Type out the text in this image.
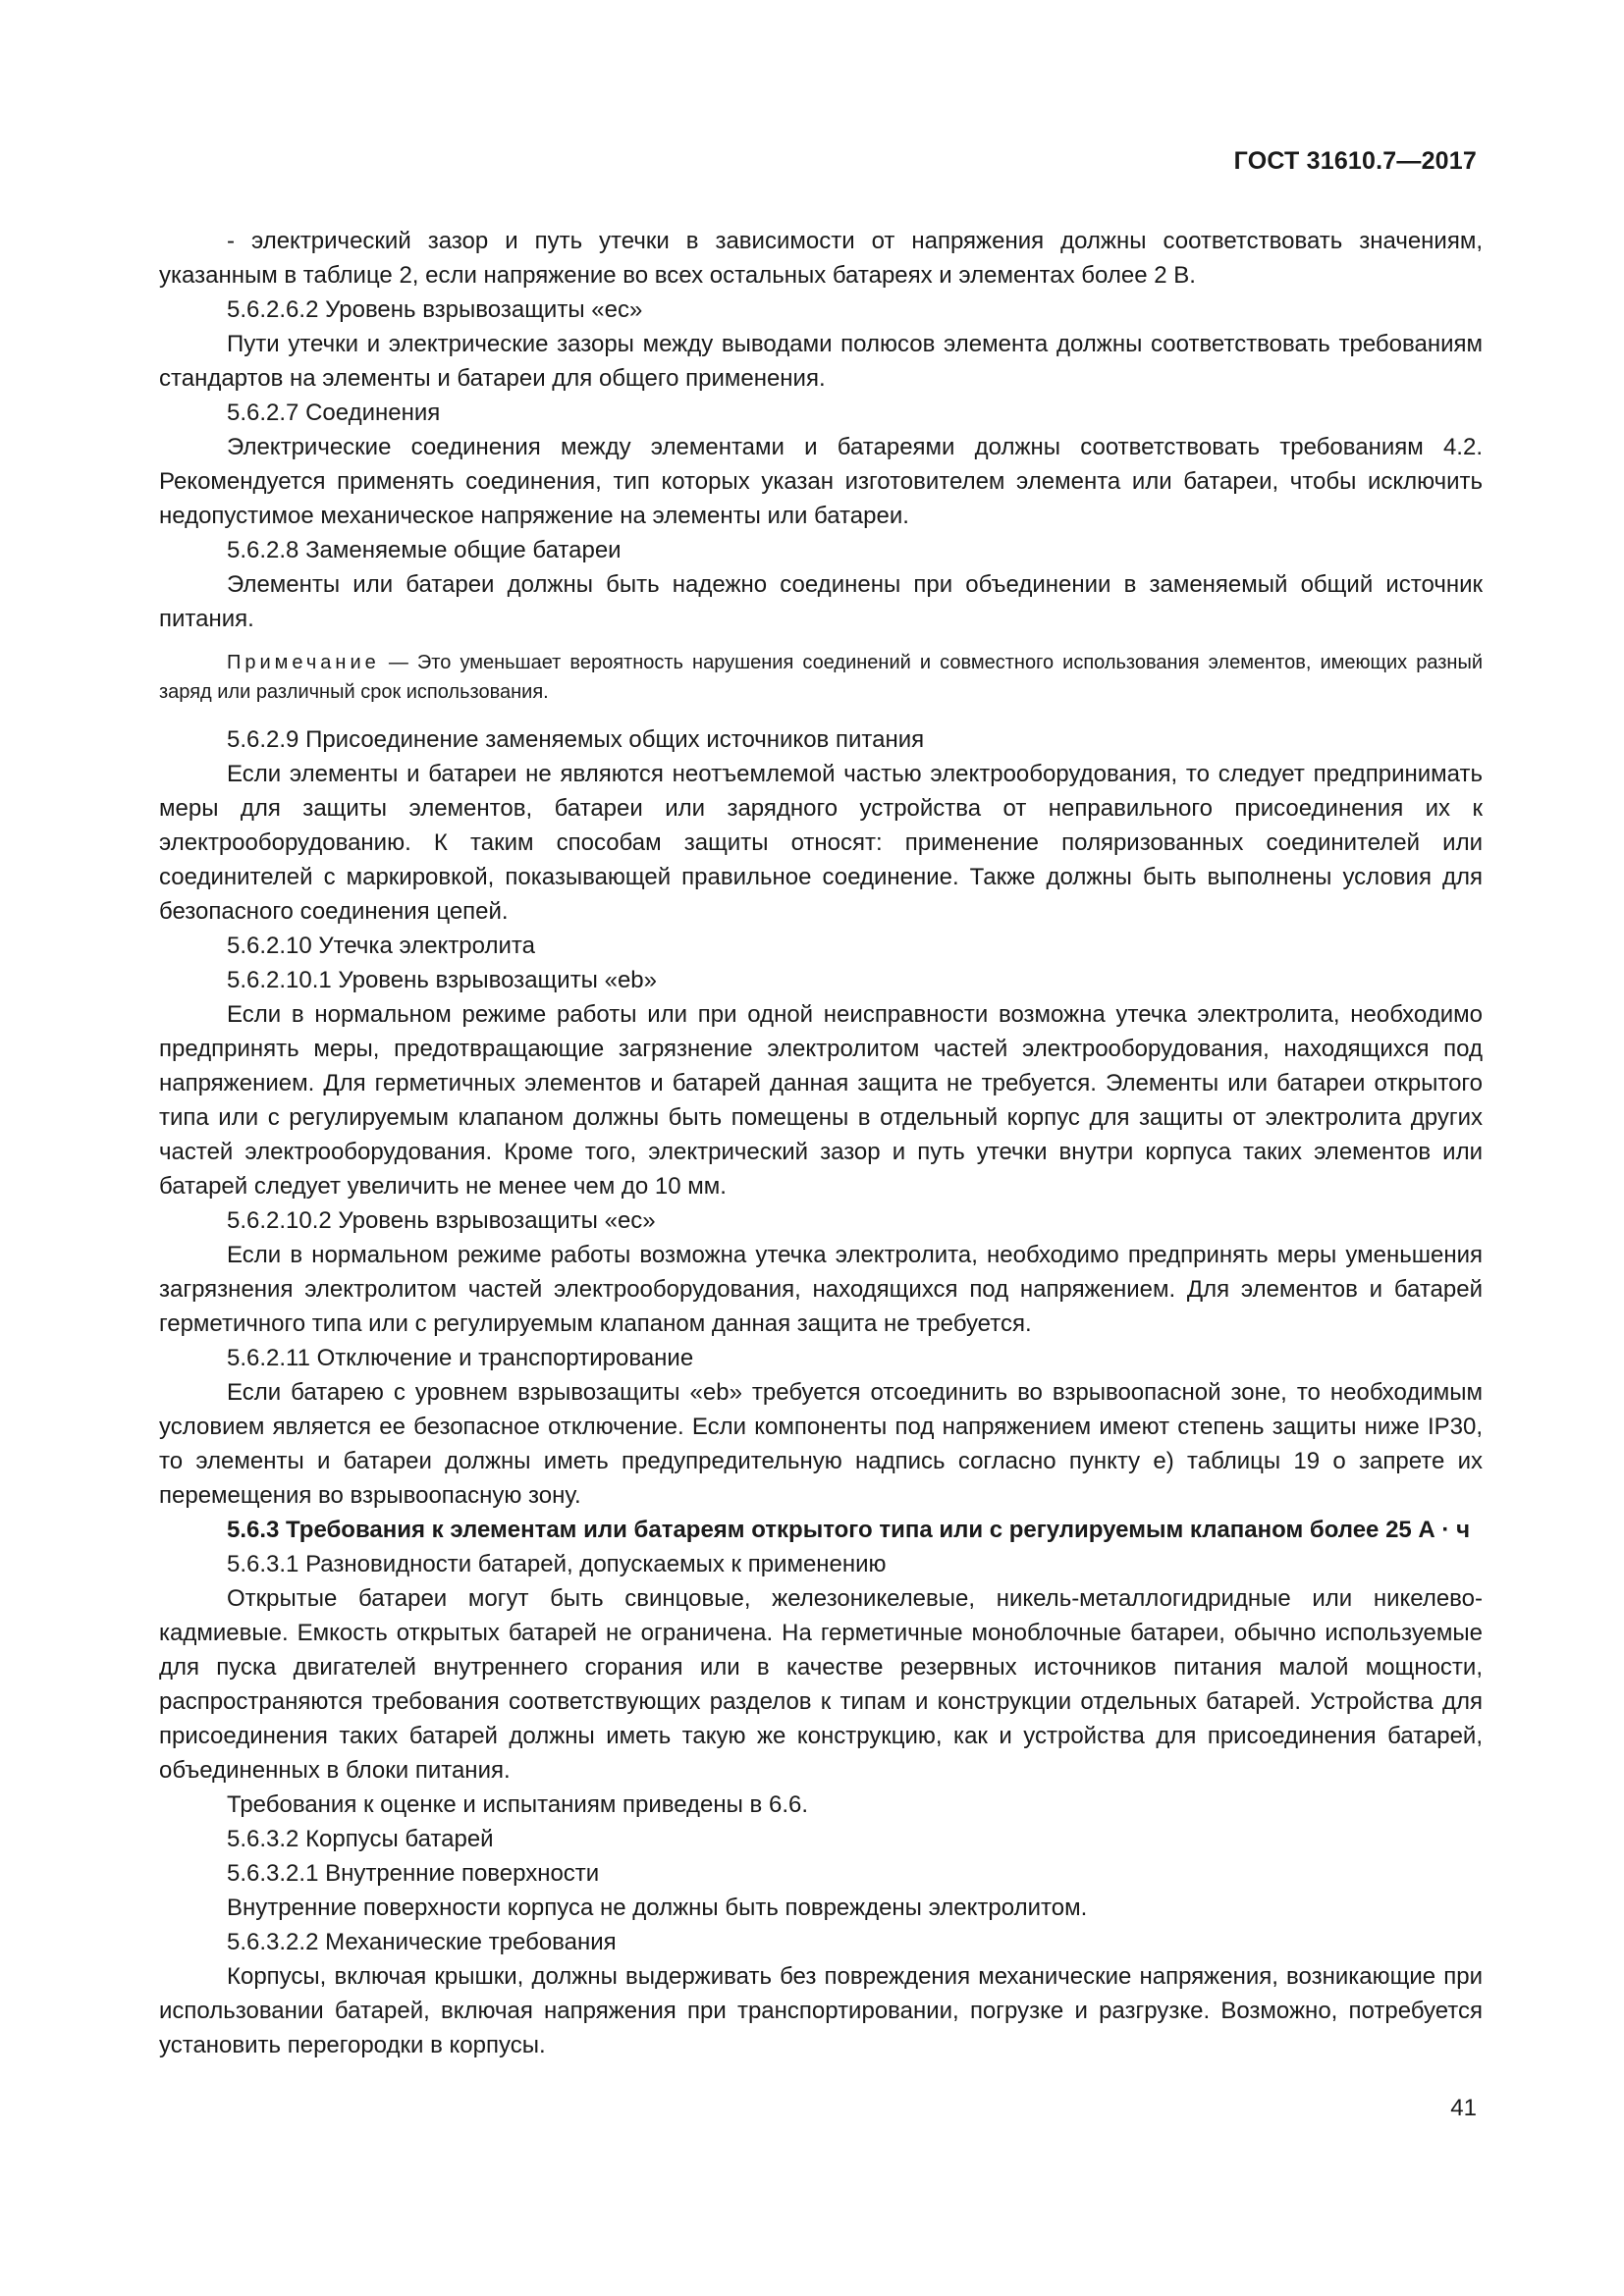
ГОСТ 31610.7—2017

- электрический зазор и путь утечки в зависимости от напряжения должны соответствовать значениям, указанным в таблице 2, если напряжение во всех остальных батареях и элементах более 2 В.

5.6.2.6.2 Уровень взрывозащиты «ec»

Пути утечки и электрические зазоры между выводами полюсов элемента должны соответствовать требованиям стандартов на элементы и батареи для общего применения.

5.6.2.7 Соединения

Электрические соединения между элементами и батареями должны соответствовать требованиям 4.2. Рекомендуется применять соединения, тип которых указан изготовителем элемента или батареи, чтобы исключить недопустимое механическое напряжение на элементы или батареи.

5.6.2.8 Заменяемые общие батареи

Элементы или батареи должны быть надежно соединены при объединении в заменяемый общий источник питания.

Примечание — Это уменьшает вероятность нарушения соединений и совместного использования элементов, имеющих разный заряд или различный срок использования.

5.6.2.9 Присоединение заменяемых общих источников питания

Если элементы и батареи не являются неотъемлемой частью электрооборудования, то следует предпринимать меры для защиты элементов, батареи или зарядного устройства от неправильного присоединения их к электрооборудованию. К таким способам защиты относят: применение поляризованных соединителей или соединителей с маркировкой, показывающей правильное соединение. Также должны быть выполнены условия для безопасного соединения цепей.

5.6.2.10 Утечка электролита

5.6.2.10.1 Уровень взрывозащиты «eb»

Если в нормальном режиме работы или при одной неисправности возможна утечка электролита, необходимо предпринять меры, предотвращающие загрязнение электролитом частей электрооборудования, находящихся под напряжением. Для герметичных элементов и батарей данная защита не требуется. Элементы или батареи открытого типа или с регулируемым клапаном должны быть помещены в отдельный корпус для защиты от электролита других частей электрооборудования. Кроме того, электрический зазор и путь утечки внутри корпуса таких элементов или батарей следует увеличить не менее чем до 10 мм.

5.6.2.10.2 Уровень взрывозащиты «ec»

Если в нормальном режиме работы возможна утечка электролита, необходимо предпринять меры уменьшения загрязнения электролитом частей электрооборудования, находящихся под напряжением. Для элементов и батарей герметичного типа или с регулируемым клапаном данная защита не требуется.

5.6.2.11 Отключение и транспортирование

Если батарею с уровнем взрывозащиты «eb» требуется отсоединить во взрывоопасной зоне, то необходимым условием является ее безопасное отключение. Если компоненты под напряжением имеют степень защиты ниже IP30, то элементы и батареи должны иметь предупредительную надпись согласно пункту е) таблицы 19 о запрете их перемещения во взрывоопасную зону.

5.6.3 Требования к элементам или батареям открытого типа или с регулируемым клапаном более 25 А · ч

5.6.3.1 Разновидности батарей, допускаемых к применению

Открытые батареи могут быть свинцовые, железоникелевые, никель-металлогидридные или никелево-кадмиевые. Емкость открытых батарей не ограничена. На герметичные моноблочные батареи, обычно используемые для пуска двигателей внутреннего сгорания или в качестве резервных источников питания малой мощности, распространяются требования соответствующих разделов к типам и конструкции отдельных батарей. Устройства для присоединения таких батарей должны иметь такую же конструкцию, как и устройства для присоединения батарей, объединенных в блоки питания.

Требования к оценке и испытаниям приведены в 6.6.

5.6.3.2 Корпусы батарей

5.6.3.2.1 Внутренние поверхности

Внутренние поверхности корпуса не должны быть повреждены электролитом.

5.6.3.2.2 Механические требования

Корпусы, включая крышки, должны выдерживать без повреждения механические напряжения, возникающие при использовании батарей, включая напряжения при транспортировании, погрузке и разгрузке. Возможно, потребуется установить перегородки в корпусы.

41
